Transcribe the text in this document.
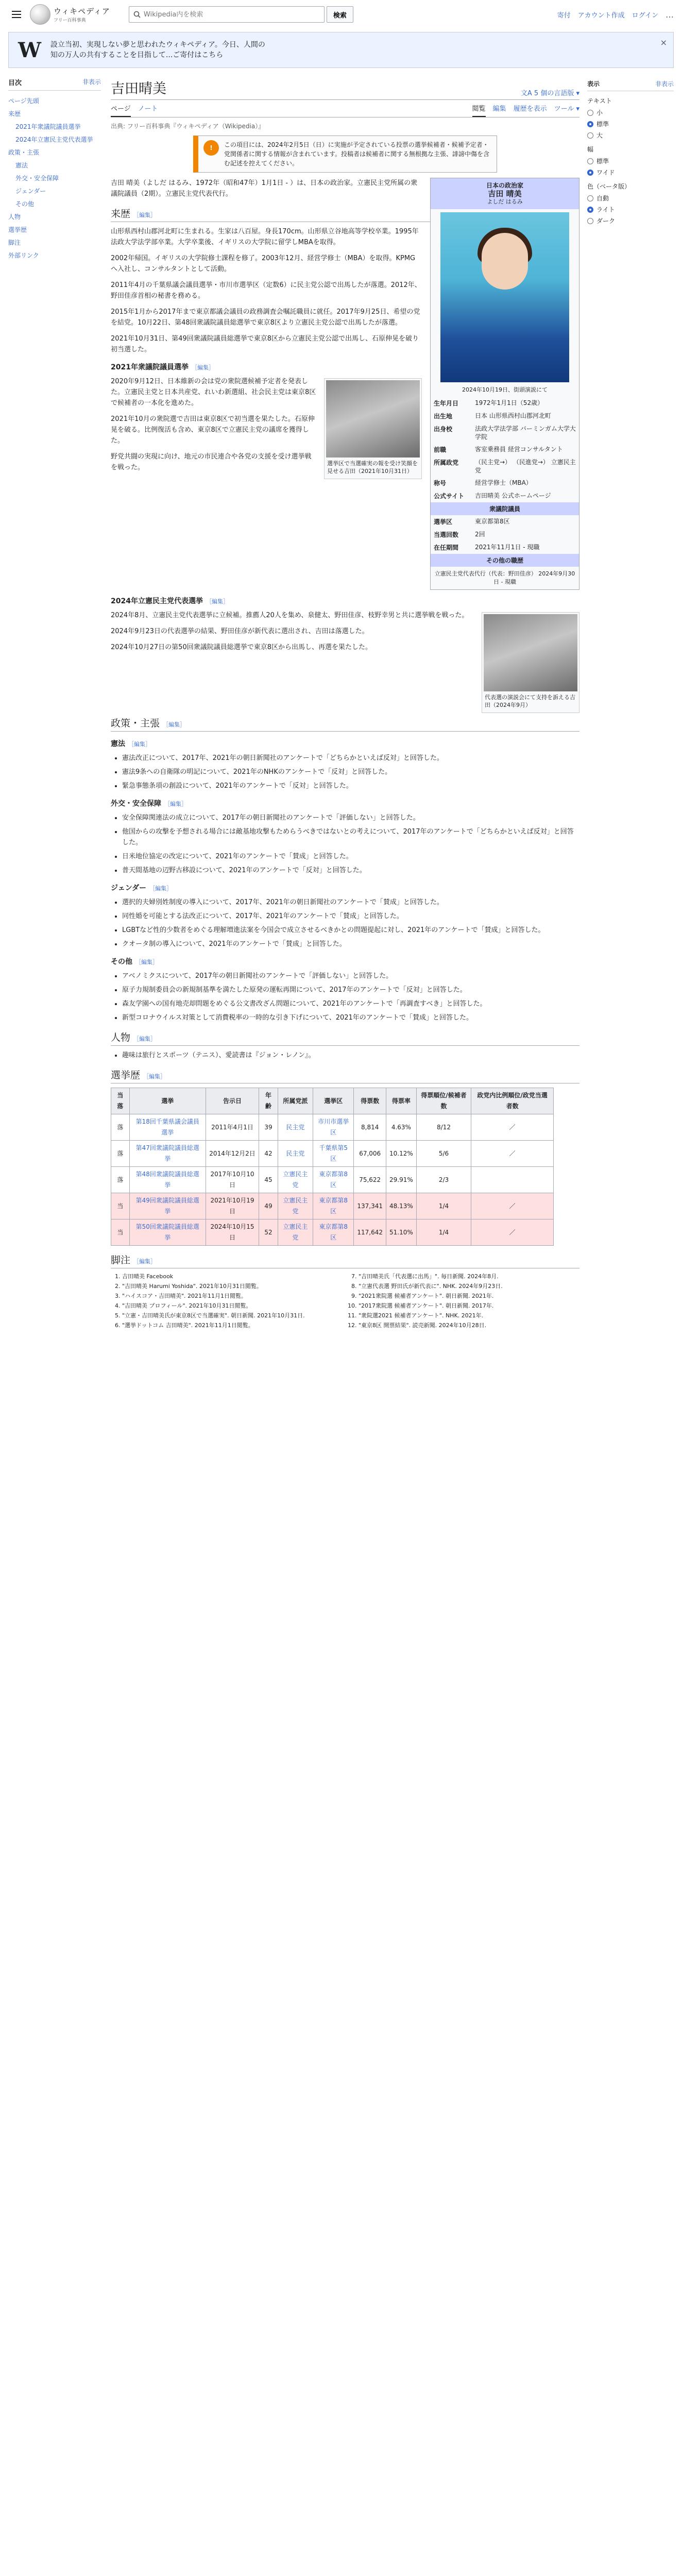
ウィキペディア
フリー百科事典
Wikipedia内を検索
検索	寄付 アカウント作成 ログイン …
W 設立当初、実現しない夢と思われたウィキペディア。今日、人間の知の万人の共有することを目指して...ご寄付はこちら
×
目次	非表示
ページ先頭
来歴
2021年衆議院議員選挙
2024年立憲民主党代表選挙
政策・主張
憲法
外交・安全保障
ジェンダー
その他
人物
選挙歴
脚注
外部リンク
吉田晴美	文A 5 個の言語版 ▾
ページ ノート	閲覧 編集 履歴を表示 ツール ▾
出典: フリー百科事典『ウィキペディア（Wikipedia）』
!	この項目には、2024年2月5日（日）に実施が予定されている投票の選挙候補者・候補予定者・党関係者に関する情報が含まれています。投稿者は候補者に関する無根拠な主張、誹謗中傷を含む記述を控えてください。
日本の政治家
吉田 晴美
よしだ はるみ
2024年10月19日、街頭演説にて
生年月日	1972年1月1日（52歳）
出生地	日本 山形県西村山郡河北町
出身校	法政大学法学部 バーミンガム大学大学院
前職	客室乗務員 経営コンサルタント
所属政党	（民主党→） （民進党→） 立憲民主党
称号	経営学修士（MBA）
公式サイト	吉田晴美 公式ホームページ
衆議院議員
選挙区	東京都第8区
当選回数	2回
在任期間	2021年11月1日 - 現職
その他の職歴
立憲民主党代表代行（代表：野田佳彦） 2024年9月30日 - 現職

吉田 晴美（よしだ はるみ、1972年（昭和47年）1月1日 - ）は、日本の政治家。立憲民主党所属の衆議院議員（2期）。立憲民主党代表代行。

来歴 ［編集］

山形県西村山郡河北町に生まれる。生家は八百屋。身長170cm。山形県立谷地高等学校卒業。1995年法政大学法学部卒業。大学卒業後、イギリスの大学院に留学しMBAを取得。

2002年帰国。イギリスの大学院修士課程を修了。2003年12月、経営学修士（MBA）を取得。KPMGへ入社し、コンサルタントとして活動。

2011年4月の千葉県議会議員選挙・市川市選挙区（定数6）に民主党公認で出馬したが落選。2012年、野田佳彦首相の秘書を務める。

2015年1月から2017年まで東京都議会議員の政務調査会嘱託職員に就任。2017年9月25日、希望の党を結党。10月22日、第48回衆議院議員総選挙で東京8区より立憲民主党公認で出馬したが落選。

2021年10月31日、第49回衆議院議員総選挙で東京8区から立憲民主党公認で出馬し、石原伸晃を破り初当選した。

2021年衆議院議員選挙 ［編集］
選挙区で当選確実の報を受け笑顔を見せる吉田（2021年10月31日）

2020年9月12日、日本維新の会は党の衆院選候補予定者を発表した。立憲民主党と日本共産党、れいわ新選組、社会民主党は東京8区で候補者の一本化を進めた。

2021年10月の衆院選で吉田は東京8区で初当選を果たした。石原伸晃を破る。比例復活も含め、東京8区で立憲民主党の議席を獲得した。

野党共闘の実現に向け、地元の市民連合や各党の支援を受け選挙戦を戦った。

2024年立憲民主党代表選挙 ［編集］
代表選の演説会にて支持を訴える吉田（2024年9月）

2024年8月、立憲民主党代表選挙に立候補。推薦人20人を集め、泉健太、野田佳彦、枝野幸男と共に選挙戦を戦った。

2024年9月23日の代表選挙の結果、野田佳彦が新代表に選出され、吉田は落選した。

2024年10月27日の第50回衆議院議員総選挙で東京8区から出馬し、再選を果たした。

政策・主張 ［編集］
憲法 ［編集］
• 憲法改正について、2017年、2021年の朝日新聞社のアンケートで「どちらかといえば反対」と回答した。
• 憲法9条への自衛隊の明記について、2021年のNHKのアンケートで「反対」と回答した。
• 緊急事態条項の創設について、2021年のアンケートで「反対」と回答した。
外交・安全保障 ［編集］
• 安全保障関連法の成立について、2017年の朝日新聞社のアンケートで「評価しない」と回答した。
• 他国からの攻撃を予想される場合には敵基地攻撃もためらうべきではないとの考えについて、2017年のアンケートで「どちらかといえば反対」と回答した。
• 日米地位協定の改定について、2021年のアンケートで「賛成」と回答した。
• 普天間基地の辺野古移設について、2021年のアンケートで「反対」と回答した。
ジェンダー ［編集］
• 選択的夫婦別姓制度の導入について、2017年、2021年の朝日新聞社のアンケートで「賛成」と回答した。
• 同性婚を可能とする法改正について、2017年、2021年のアンケートで「賛成」と回答した。
• LGBTなど性的少数者をめぐる理解増進法案を今国会で成立させるべきかとの問題提起に対し、2021年のアンケートで「賛成」と回答した。
• クオータ制の導入について、2021年のアンケートで「賛成」と回答した。
その他 ［編集］
• アベノミクスについて、2017年の朝日新聞社のアンケートで「評価しない」と回答した。
• 原子力規制委員会の新規制基準を満たした原発の運転再開について、2017年のアンケートで「反対」と回答した。
• 森友学園への国有地売却問題をめぐる公文書改ざん問題について、2021年のアンケートで「再調査すべき」と回答した。
• 新型コロナウイルス対策として消費税率の一時的な引き下げについて、2021年のアンケートで「賛成」と回答した。
人物 ［編集］
• 趣味は旅行とスポーツ（テニス）、愛読書は『ジョン・レノン』。
選挙歴 ［編集］
当落	選挙	告示日	年齢	所属党派	選挙区	得票数	得票率	得票順位/候補者数	政党内比例順位/政党当選者数
落	第18回千葉県議会議員選挙	2011年4月1日	39	民主党	市川市選挙区	8,814	4.63%	8/12	／
落	第47回衆議院議員総選挙	2014年12月2日	42	民主党	千葉県第5区	67,006	10.12%	5/6	／
落	第48回衆議院議員総選挙	2017年10月10日	45	立憲民主党	東京都第8区	75,622	29.91%	2/3	
当	第49回衆議院議員総選挙	2021年10月19日	49	立憲民主党	東京都第8区	137,341	48.13%	1/4	／
当	第50回衆議院議員総選挙	2024年10月15日	52	立憲民主党	東京都第8区	117,642	51.10%	1/4	／
脚注 ［編集］
1. 吉田晴美 Facebook
2. "吉田晴美 Harumi Yoshida". 2021年10月31日閲覧。
3. "ハイスコア・吉田晴美". 2021年11月1日閲覧。
4. "吉田晴美 プロフィール". 2021年10月31日閲覧。
5. "立憲・吉田晴美氏が東京8区で当選確実". 朝日新聞. 2021年10月31日.
6. "選挙ドットコム 吉田晴美". 2021年11月1日閲覧。
7. "吉田晴美氏「代表選に出馬」". 毎日新聞. 2024年8月.
8. "立憲代表選 野田氏が新代表に". NHK. 2024年9月23日.
9. "2021衆院選 候補者アンケート". 朝日新聞. 2021年.
10. "2017衆院選 候補者アンケート". 朝日新聞. 2017年.
11. "衆院選2021 候補者アンケート". NHK. 2021年.
12. "東京8区 開票結果". 読売新聞. 2024年10月28日.
表示	非表示
テキスト
小
標準
大
幅
標準
ワイド
色（ベータ版）
自動
ライト
ダーク
